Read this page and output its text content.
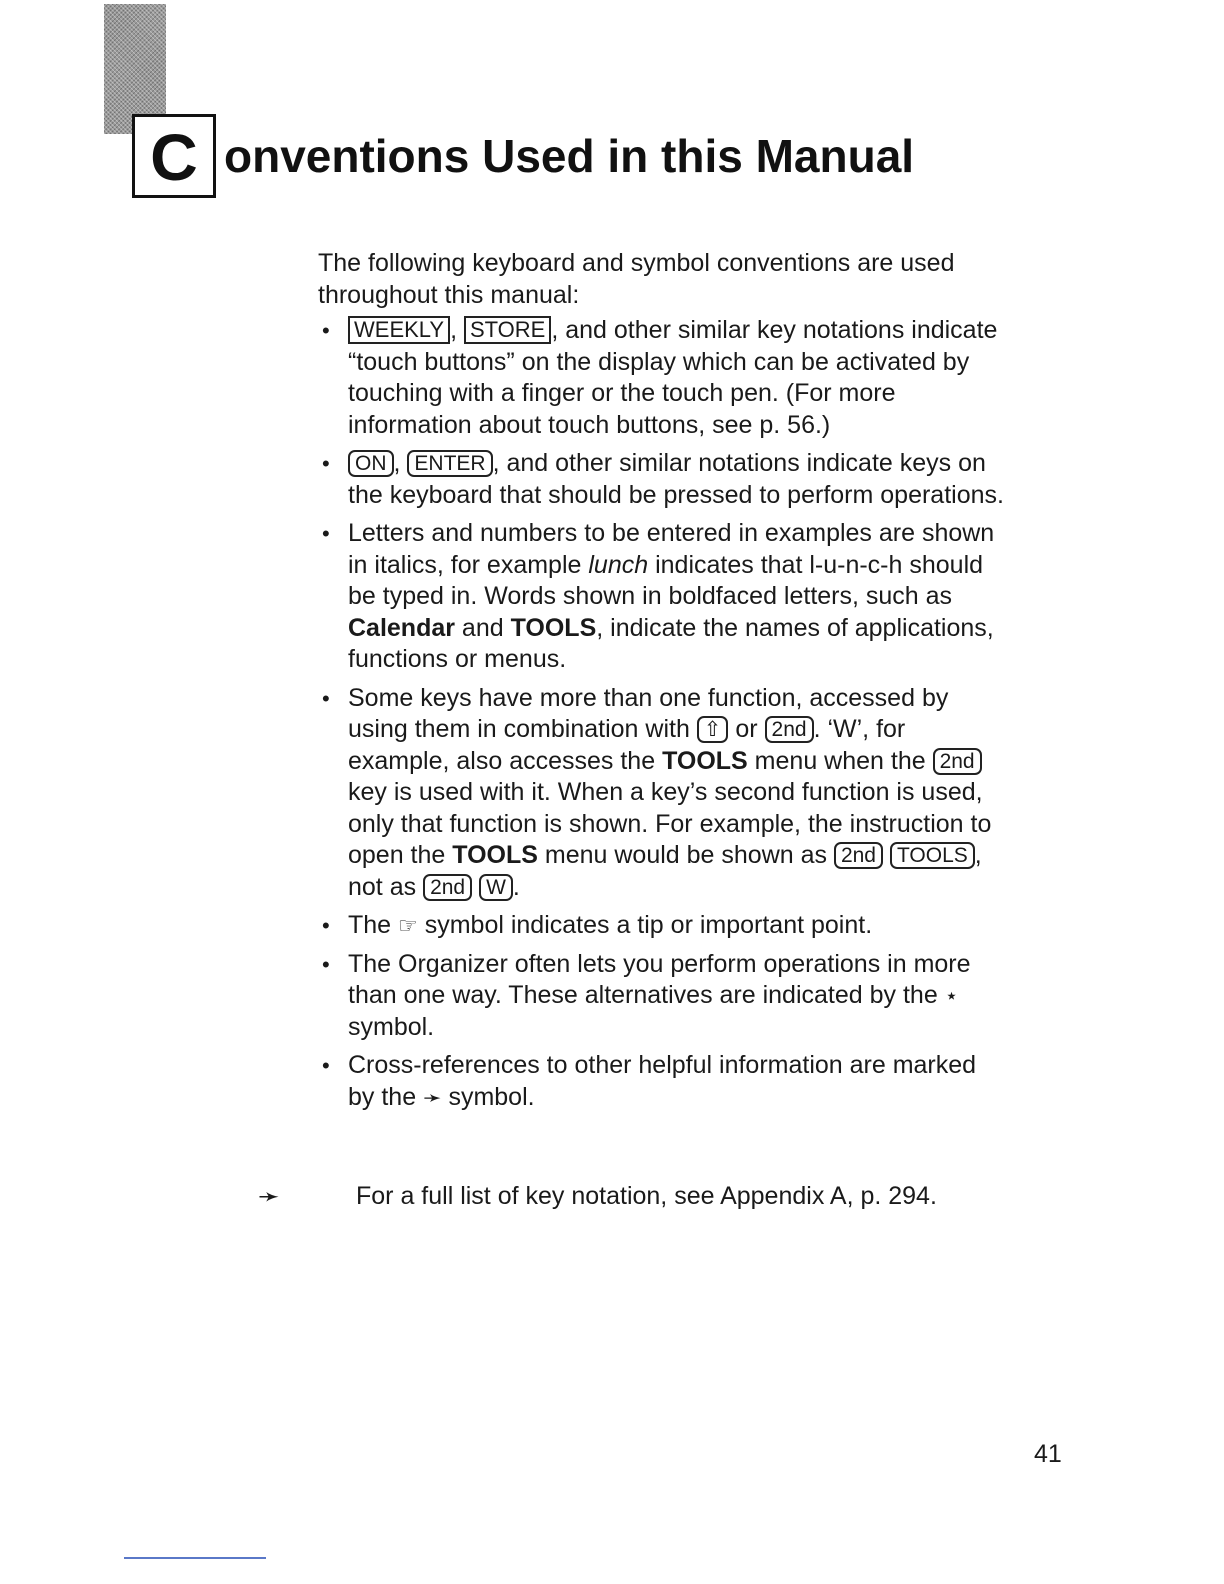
C onventions Used in this Manual

The following keyboard and symbol conventions are used throughout this manual:

• WEEKLY , STORE , and other similar key notations indicate “touch buttons” on the display which can be activated by touching with a finger or the touch pen. (For more information about touch buttons, see p. 56.)
• ON , ENTER , and other similar notations indicate keys on the keyboard that should be pressed to perform operations.
• Letters and numbers to be entered in examples are shown in italics, for example lunch indicates that l-u-n-c-h should be typed in. Words shown in boldfaced letters, such as Calendar and TOOLS, indicate the names of applications, functions or menus.
• Some keys have more than one function, accessed by using them in combination with ⇧ or 2nd . ‘W’, for example, also accesses the TOOLS menu when the 2nd key is used with it. When a key’s second function is used, only that function is shown. For example, the instruction to open the TOOLS menu would be shown as 2nd TOOLS , not as 2nd W .
• The ☞ symbol indicates a tip or important point.
• The Organizer often lets you perform operations in more than one way. These alternatives are indicated by the ⋆ symbol.
• Cross-references to other helpful information are marked by the ➛ symbol.
➛	For a full list of key notation, see Appendix A, p. 294.
41
